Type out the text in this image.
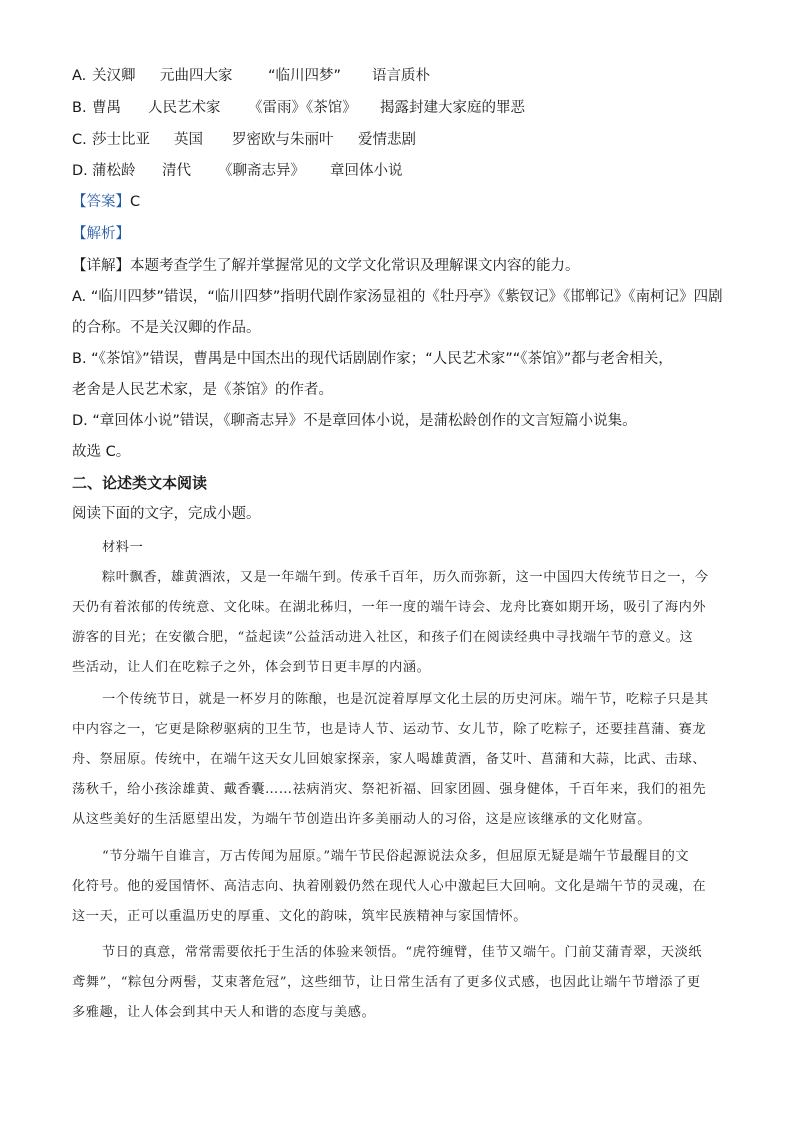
A. 关汉卿 元曲四大家 “临川四梦” 语言质朴
B. 曹禺 人民艺术家 《雷雨》《茶馆》 揭露封建大家庭的罪恶
C. 莎士比亚 英国 罗密欧与朱丽叶 爱情悲剧
D. 蒲松龄 清代 《聊斋志异》 章回体小说
【答案】C
【解析】
【详解】本题考查学生了解并掌握常见的文学文化常识及理解课文内容的能力。
A. “临川四梦”错误，“临川四梦”指明代剧作家汤显祖的《牡丹亭》《紫钗记》《邯郸记》《南柯记》四剧
的合称。不是关汉卿的作品。
B. “《茶馆》”错误，曹禺是中国杰出的现代话剧剧作家；“人民艺术家”“《茶馆》”都与老舍相关，
老舍是人民艺术家，是《茶馆》的作者。
D. “章回体小说”错误，《聊斋志异》不是章回体小说，是蒲松龄创作的文言短篇小说集。
故选 C。
二、论述类文本阅读
阅读下面的文字，完成小题。
材料一
粽叶飘香，雄黄酒浓，又是一年端午到。传承千百年，历久而弥新，这一中国四大传统节日之一，今
天仍有着浓郁的传统意、文化味。在湖北秭归，一年一度的端午诗会、龙舟比赛如期开场，吸引了海内外
游客的目光；在安徽合肥，“益起读”公益活动进入社区，和孩子们在阅读经典中寻找端午节的意义。这
些活动，让人们在吃粽子之外，体会到节日更丰厚的内涵。
一个传统节日，就是一杯岁月的陈酿，也是沉淀着厚厚文化土层的历史河床。端午节，吃粽子只是其
中内容之一，它更是除秽驱病的卫生节，也是诗人节、运动节、女儿节，除了吃粽子，还要挂菖蒲、赛龙
舟、祭屈原。传统中，在端午这天女儿回娘家探亲，家人喝雄黄酒，备艾叶、菖蒲和大蒜，比武、击球、
荡秋千，给小孩涂雄黄、戴香囊……祛病消灾、祭祀祈福、回家团圆、强身健体，千百年来，我们的祖先
从这些美好的生活愿望出发，为端午节创造出许多美丽动人的习俗，这是应该继承的文化财富。
“节分端午自谁言，万古传闻为屈原。”端午节民俗起源说法众多，但屈原无疑是端午节最醒目的文
化符号。他的爱国情怀、高洁志向、执着刚毅仍然在现代人心中激起巨大回响。文化是端午节的灵魂，在
这一天，正可以重温历史的厚重、文化的韵味，筑牢民族精神与家国情怀。
节日的真意，常常需要依托于生活的体验来领悟。“虎符缠臂，佳节又端午。门前艾蒲青翠，天淡纸
鸢舞”，“粽包分两髻，艾束著危冠”，这些细节，让日常生活有了更多仪式感，也因此让端午节增添了更
多雅趣，让人体会到其中天人和谐的态度与美感。
